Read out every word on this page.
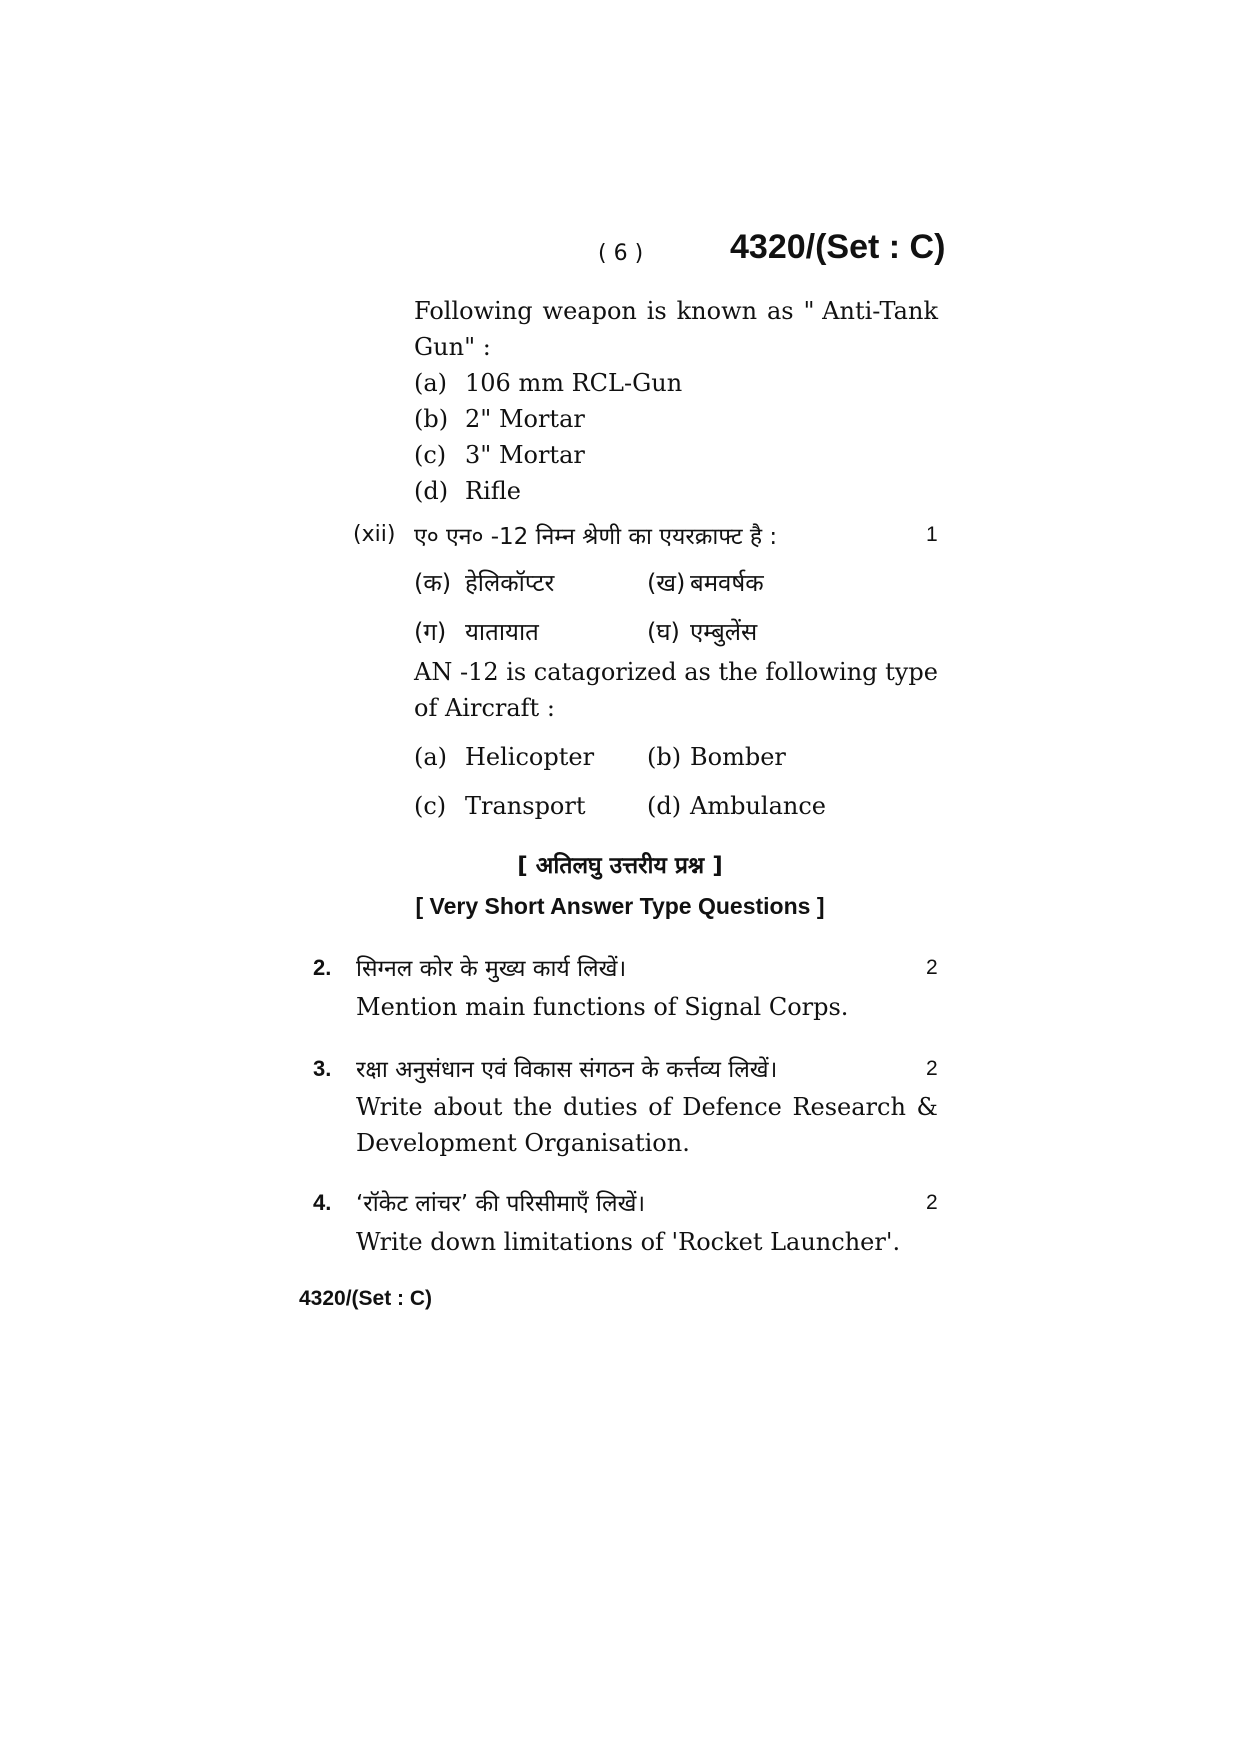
( 6 )	4320/(Set : C)
Following weapon is known as " Anti-Tank
Gun" :
(a) 106 mm RCL-Gun
(b) 2" Mortar
(c) 3" Mortar
(d) Rifle
(xii) ए० एन० -12 निम्न श्रेणी का एयरक्राफ्ट है :	1
(क) हेलिकॉप्टर	(ख) बमवर्षक
(ग) यातायात	(घ) एम्बुलेंस
AN -12 is catagorized as the following type
of Aircraft :
(a) Helicopter (b) Bomber
(c) Transport	(d) Ambulance
[ अतिलघु उत्तरीय प्रश्न ]
[ Very Short Answer Type Questions ]
2. सिग्नल कोर के मुख्य कार्य लिखें।	2
Mention main functions of Signal Corps.
3. रक्षा अनुसंधान एवं विकास संगठन के कर्त्तव्य लिखें।	2
Write about the duties of Defence Research &
Development Organisation.
4. ‘रॉकेट लांचर’ की परिसीमाएँ लिखें।	2
Write down limitations of 'Rocket Launcher'.
4320/(Set : C)
